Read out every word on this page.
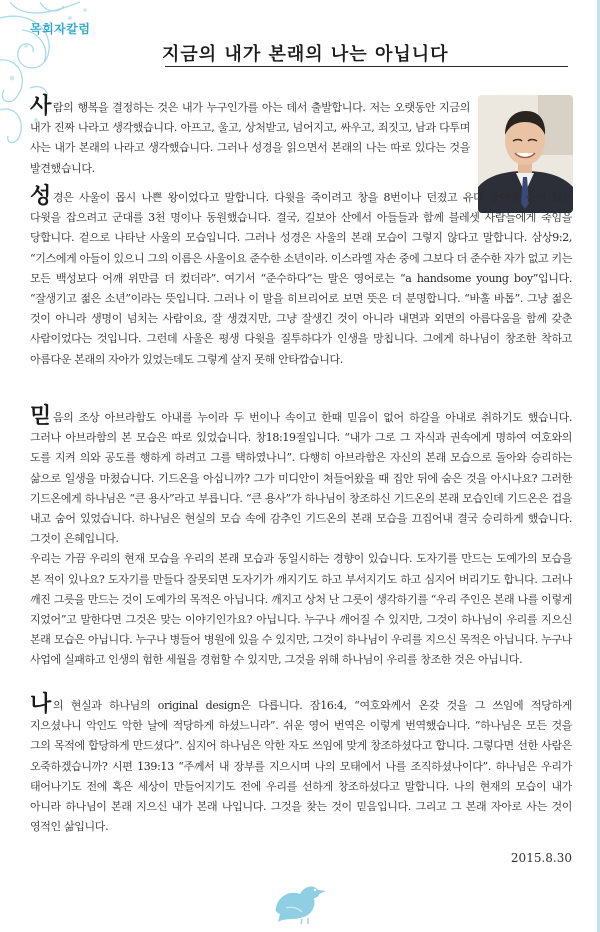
목회자칼럼
지금의 내가 본래의 나는 아닙니다

사람의 행복을 결정하는 것은 내가 누구인가를 아는 데서 출발합니다. 저는 오랫동안 지금의 내가 진짜 나라고 생각했습니다. 아프고, 울고, 상처받고, 넘어지고, 싸우고, 죄짓고, 남과 다투며 사는 내가 본래의 나라고 생각했습니다. 그러나 성경을 읽으면서 본래의 나는 따로 있다는 것을 발견했습니다.

성경은 사울이 몹시 나쁜 왕이었다고 말합니다. 다윗을 죽이려고 창을 8번이나 던졌고 유다 광야에 숨어 있는 다윗을 잡으려고 군대를 3천 명이나 동원했습니다. 결국, 길보아 산에서 아들들과 함께 블레셋 사람들에게 죽임을 당합니다. 겉으로 나타난 사울의 모습입니다. 그러나 성경은 사울의 본래 모습이 그렇지 않다고 말합니다. 삼상9:2, “기스에게 아들이 있으니 그의 이름은 사울이요 준수한 소년이라. 이스라엘 자손 중에 그보다 더 준수한 자가 없고 키는 모든 백성보다 어깨 위만큼 더 컸더라”. 여기서 “준수하다”는 말은 영어로는 “a handsome young boy”입니다. “잘생기고 젊은 소년”이라는 뜻입니다. 그러나 이 말을 히브리어로 보면 뜻은 더 분명합니다. “바훌 바톱”. 그냥 젊은 것이 아니라 생명이 넘치는 사람이요, 잘 생겼지만, 그냥 잘생긴 것이 아니라 내면과 외면의 아름다움을 함께 갖춘 사람이었다는 것입니다. 그런데 사울은 평생 다윗을 질투하다가 인생을 망칩니다. 그에게 하나님이 창조한 착하고 아름다운 본래의 자아가 있었는데도 그렇게 살지 못해 안타깝습니다.

믿음의 조상 아브라함도 아내를 누이라 두 번이나 속이고 한때 믿음이 없어 하갈을 아내로 취하기도 했습니다. 그러나 아브라함의 본 모습은 따로 있었습니다. 창18:19절입니다. “내가 그로 그 자식과 권속에게 명하여 여호와의 도를 지켜 의와 공도를 행하게 하려고 그를 택하였나니”. 다행히 아브라함은 자신의 본래 모습으로 돌아와 승리하는 삶으로 일생을 마쳤습니다. 기드온을 아십니까? 그가 미디안이 쳐들어왔을 때 집안 뒤에 숨은 것을 아시나요? 그러한 기드온에게 하나님은 “큰 용사”라고 부릅니다. “큰 용사”가 하나님이 창조하신 기드온의 본래 모습인데 기드온은 겁을 내고 숨어 있었습니다. 하나님은 현실의 모습 속에 감추인 기드온의 본래 모습을 끄집어내 결국 승리하게 했습니다. 그것이 은혜입니다.
우리는 가끔 우리의 현재 모습을 우리의 본래 모습과 동일시하는 경향이 있습니다. 도자기를 만드는 도예가의 모습을 본 적이 있나요? 도자기를 만들다 잘못되면 도자기가 깨지기도 하고 부서지기도 하고 심지어 버리기도 합니다. 그러나 깨진 그릇을 만드는 것이 도예가의 목적은 아닙니다. 깨지고 상처 난 그릇이 생각하기를 “우리 주인은 본래 나를 이렇게 지었어”고 말한다면 그것은 맞는 이야기인가요? 아닙니다. 누구나 깨어질 수 있지만, 그것이 하나님이 우리를 지으신 본래 모습은 아닙니다. 누구나 병들어 병원에 있을 수 있지만, 그것이 하나님이 우리를 지으신 목적은 아닙니다. 누구나 사업에 실패하고 인생의 험한 세월을 경험할 수 있지만, 그것을 위해 하나님이 우리를 창조한 것은 아닙니다.

나의 현실과 하나님의 original design은 다릅니다. 잠16:4, “여호와께서 온갖 것을 그 쓰임에 적당하게 지으셨나니 악인도 악한 날에 적당하게 하셨느니라”. 쉬운 영어 번역은 이렇게 번역했습니다. “하나님은 모든 것을 그의 목적에 합당하게 만드셨다”. 심지어 하나님은 악한 자도 쓰임에 맞게 창조하셨다고 합니다. 그렇다면 선한 사람은 오죽하겠습니까? 시편 139:13 “주께서 내 장부를 지으시며 나의 모태에서 나를 조직하셨나이다”. 하나님은 우리가 태어나기도 전에 혹은 세상이 만들어지기도 전에 우리를 선하게 창조하셨다고 말합니다. 나의 현재의 모습이 내가 아니라 하나님이 본래 지으신 내가 본래 나입니다. 그것을 찾는 것이 믿음입니다. 그리고 그 본래 자아로 사는 것이 영적인 삶입니다.

2015.8.30
